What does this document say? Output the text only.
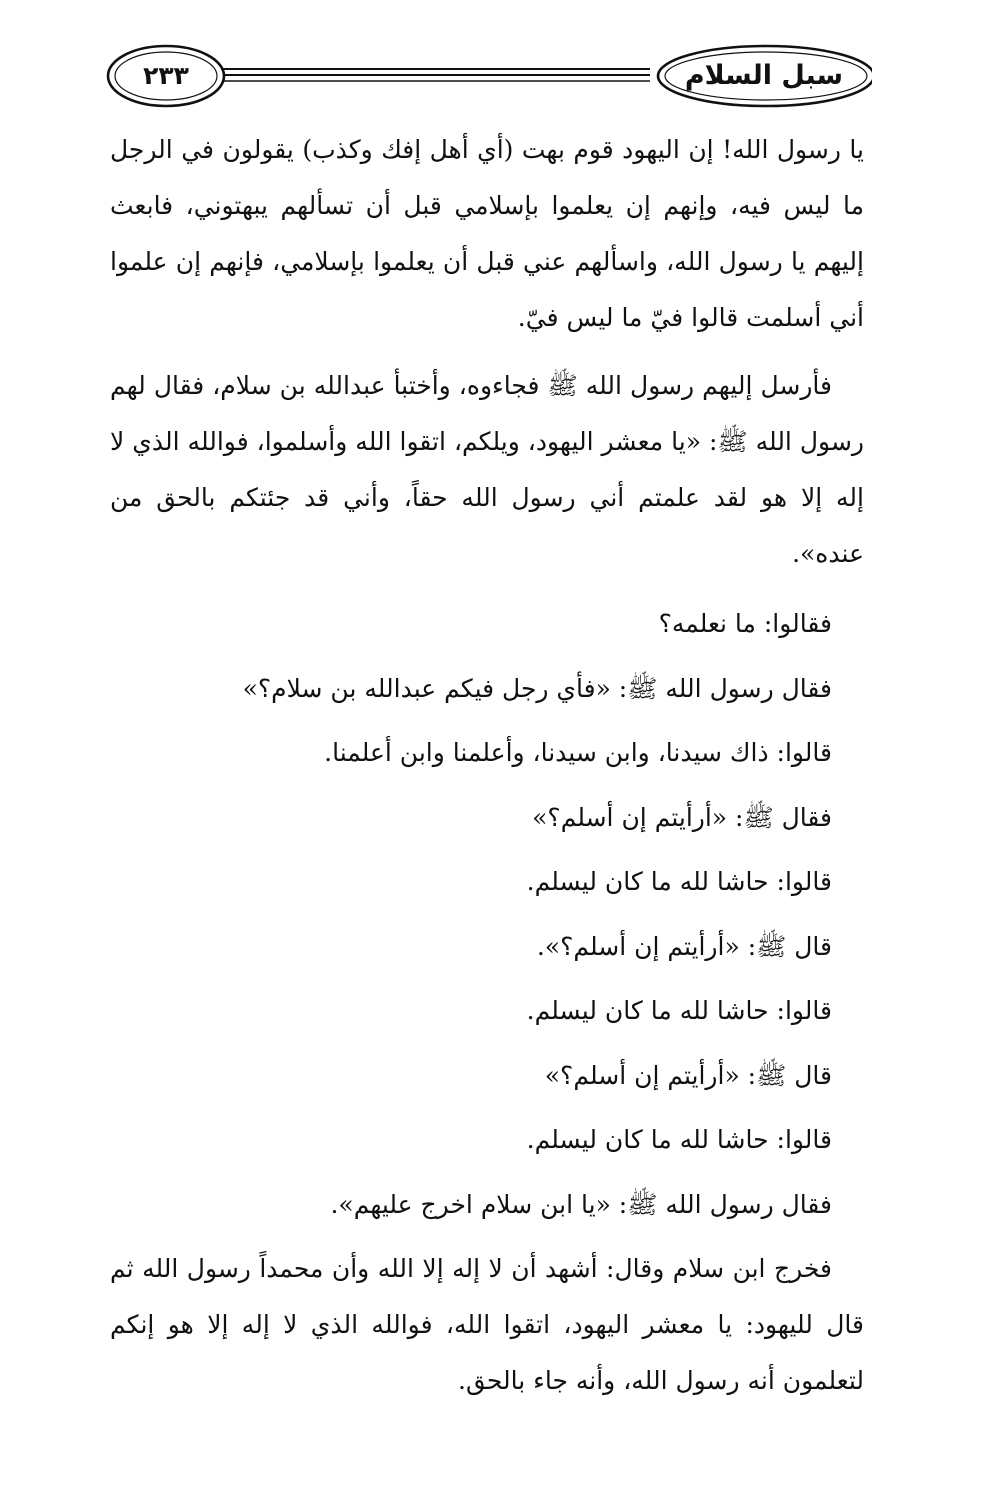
سبل السلام
٢٣٣

يا رسول الله! إن اليهود قوم بهت (أي أهل إفك وكذب) يقولون في الرجل ما ليس فيه، وإنهم إن يعلموا بإسلامي قبل أن تسألهم يبهتوني، فابعث إليهم يا رسول الله، واسألهم عني قبل أن يعلموا بإسلامي، فإنهم إن علموا أني أسلمت قالوا فيّ ما ليس فيّ.

فأرسل إليهم رسول الله ﷺ فجاءوه، وأختبأ عبدالله بن سلام، فقال لهم رسول الله ﷺ: «يا معشر اليهود، ويلكم، اتقوا الله وأسلموا، فوالله الذي لا إله إلا هو لقد علمتم أني رسول الله حقاً، وأني قد جئتكم بالحق من عنده».

فقالوا: ما نعلمه؟

فقال رسول الله ﷺ: «فأي رجل فيكم عبدالله بن سلام؟»

قالوا: ذاك سيدنا، وابن سيدنا، وأعلمنا وابن أعلمنا.

فقال ﷺ: «أرأيتم إن أسلم؟»

قالوا: حاشا لله ما كان ليسلم.

قال ﷺ: «أرأيتم إن أسلم؟».

قالوا: حاشا لله ما كان ليسلم.

قال ﷺ: «أرأيتم إن أسلم؟»

قالوا: حاشا لله ما كان ليسلم.

فقال رسول الله ﷺ: «يا ابن سلام اخرج عليهم».

فخرج ابن سلام وقال: أشهد أن لا إله إلا الله وأن محمداً رسول الله ثم قال لليهود: يا معشر اليهود، اتقوا الله، فوالله الذي لا إله إلا هو إنكم لتعلمون أنه رسول الله، وأنه جاء بالحق.
